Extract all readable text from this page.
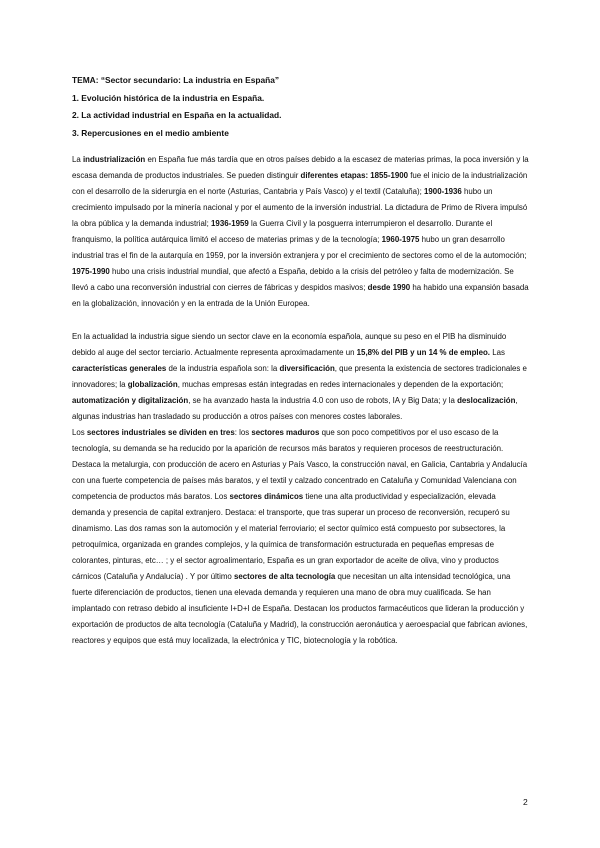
TEMA: “Sector secundario: La industria en España”

1. Evolución histórica de la industria en España.

2. La actividad industrial en España en la actualidad.

3. Repercusiones en el medio ambiente

La industrialización en España fue más tardía que en otros países debido a la escasez de materias primas, la poca inversión y la escasa demanda de productos industriales. Se pueden distinguir diferentes etapas: 1855-1900 fue el inicio de la industrialización con el desarrollo de la siderurgia en el norte (Asturias, Cantabria y País Vasco) y el textil (Cataluña); 1900-1936 hubo un crecimiento impulsado por la minería nacional y por el aumento de la inversión industrial. La dictadura de Primo de Rivera impulsó la obra pública y la demanda industrial; 1936-1959 la Guerra Civil y la posguerra interrumpieron el desarrollo. Durante el franquismo, la política autárquica limitó el acceso de materias primas y de la tecnología; 1960-1975 hubo un gran desarrollo industrial tras el fin de la autarquía en 1959, por la inversión extranjera y por el crecimiento de sectores como el de la automoción; 1975-1990 hubo una crisis industrial mundial, que afectó a España, debido a la crisis del petróleo y falta de modernización. Se llevó a cabo una reconversión industrial con cierres de fábricas y despidos masivos; desde 1990 ha habido una expansión basada en la globalización, innovación y en la entrada de la Unión Europea.

En la actualidad la industria sigue siendo un sector clave en la economía española, aunque su peso en el PIB ha disminuido debido al auge del sector terciario. Actualmente representa aproximadamente un 15,8% del PIB y un 14 % de empleo. Las características generales de la industria española son: la diversificación, que presenta la existencia de sectores tradicionales e innovadores; la globalización, muchas empresas están integradas en redes internacionales y dependen de la exportación; automatización y digitalización, se ha avanzado hasta la industria 4.0 con uso de robots, IA y Big Data; y la deslocalización, algunas industrias han trasladado su producción a otros países con menores costes laborales.

Los sectores industriales se dividen en tres: los sectores maduros que son poco competitivos por el uso escaso de la tecnología, su demanda se ha reducido por la aparición de recursos más baratos y requieren procesos de reestructuración. Destaca la metalurgia, con producción de acero en Asturias y País Vasco, la construcción naval, en Galicia, Cantabria y Andalucía con una fuerte competencia de países más baratos, y el textil y calzado concentrado en Cataluña y Comunidad Valenciana con competencia de productos más baratos. Los sectores dinámicos tiene una alta productividad y especialización, elevada demanda y presencia de capital extranjero. Destaca: el transporte, que tras superar un proceso de reconversión, recuperó su dinamismo. Las dos ramas son la automoción y el material ferroviario; el sector químico está compuesto por subsectores, la petroquímica, organizada en grandes complejos, y la química de transformación estructurada en pequeñas empresas de colorantes, pinturas, etc… ; y el sector agroalimentario, España es un gran exportador de aceite de oliva, vino y productos cárnicos (Cataluña y Andalucía) . Y por último sectores de alta tecnología que necesitan un alta intensidad tecnológica, una fuerte diferenciación de productos, tienen una elevada demanda y requieren una mano de obra muy cualificada. Se han implantado con retraso debido al insuficiente I+D+I de España. Destacan los productos farmacéuticos que lideran la producción y exportación de productos de alta tecnología (Cataluña y Madrid), la construcción aeronáutica y aeroespacial que fabrican aviones, reactores y equipos que está muy localizada, la electrónica y TIC, biotecnología y la robótica.

2
